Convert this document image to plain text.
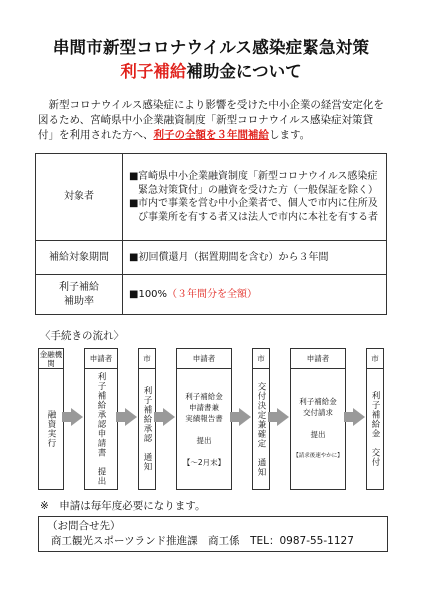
串間市新型コロナウイルス感染症緊急対策
利子補給補助金について

新型コロナウイルス感染症により影響を受けた中小企業の経営安定化を図るため、宮崎県中小企業融資制度「新型コロナウイルス感染症対策貸付」を利用された方へ、利子の全額を３年間補給します。

対象者	■ 宮崎県中小企業融資制度「新型コロナウイルス感染症緊急対策貸付」の融資を受けた方（一般保証を除く）
■ 市内で事業を営む中小企業者で、個人で市内に住所及び事業所を有する者又は法人で市内に本社を有する者

補給対象期間	■初回償還月（据置期間を含む）から３年間

利子補給
補助率	■100%（３年間分を全額）
〈手続きの流れ〉
金融機関
融資実行
申請者
利子補給承認申請書　提出
市
利子補給承認　通知
申請者
利子補給金
申請書兼
実績報告書

提出

【～2月末】
市
交付決定兼確定　通知
申請者
利子補給金
交付請求

提出

【請求後速やかに】
市
利子補給金　交付
※　申請は毎年度必要になります。
（お問合せ先）
商工観光スポーツランド推進課　商工係　 TEL：0987-55-1127
